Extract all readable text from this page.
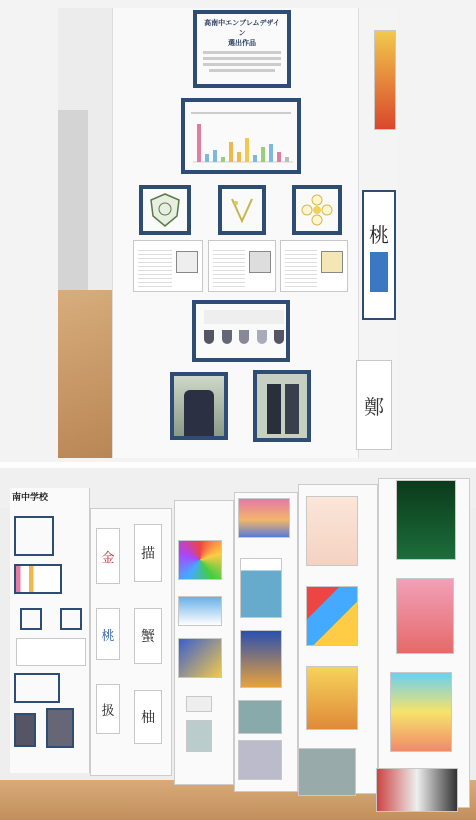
高南中エンブレムデザイン
選出作品
桃
鄭
南中学校
金 描
桃 蟹
扱 柚
